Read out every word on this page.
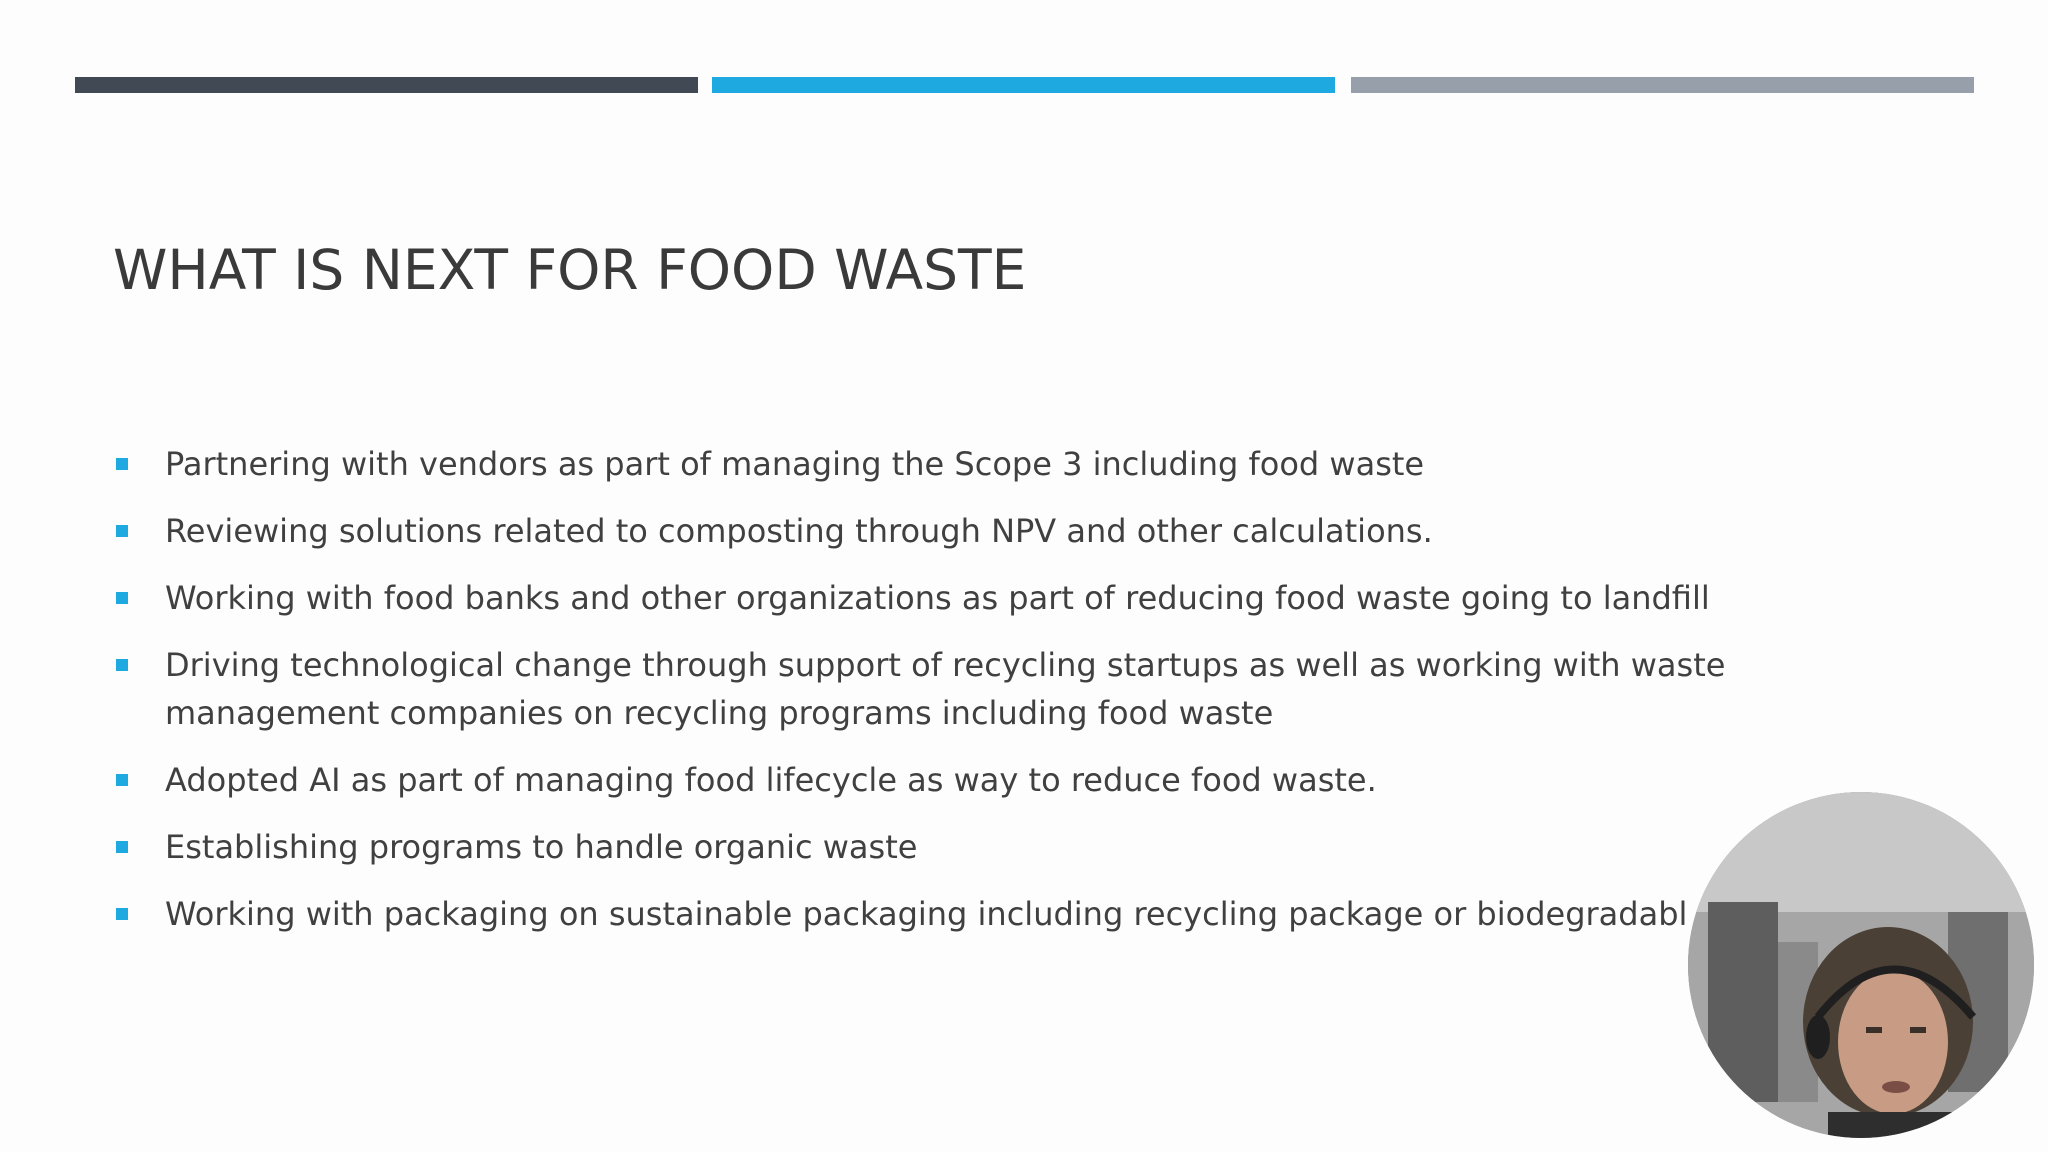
WHAT IS NEXT FOR FOOD WASTE
Partnering with vendors as part of managing the Scope 3 including food waste
Reviewing solutions related to composting through NPV and other calculations.
Working with food banks and other organizations as part of reducing food waste going to landfill
Driving technological change through support of recycling startups as well as working with waste management companies on recycling programs including food waste
Adopted AI as part of managing food lifecycle as way to reduce food waste.
Establishing programs to handle organic waste
Working with packaging on sustainable packaging including recycling package or biodegradabl
